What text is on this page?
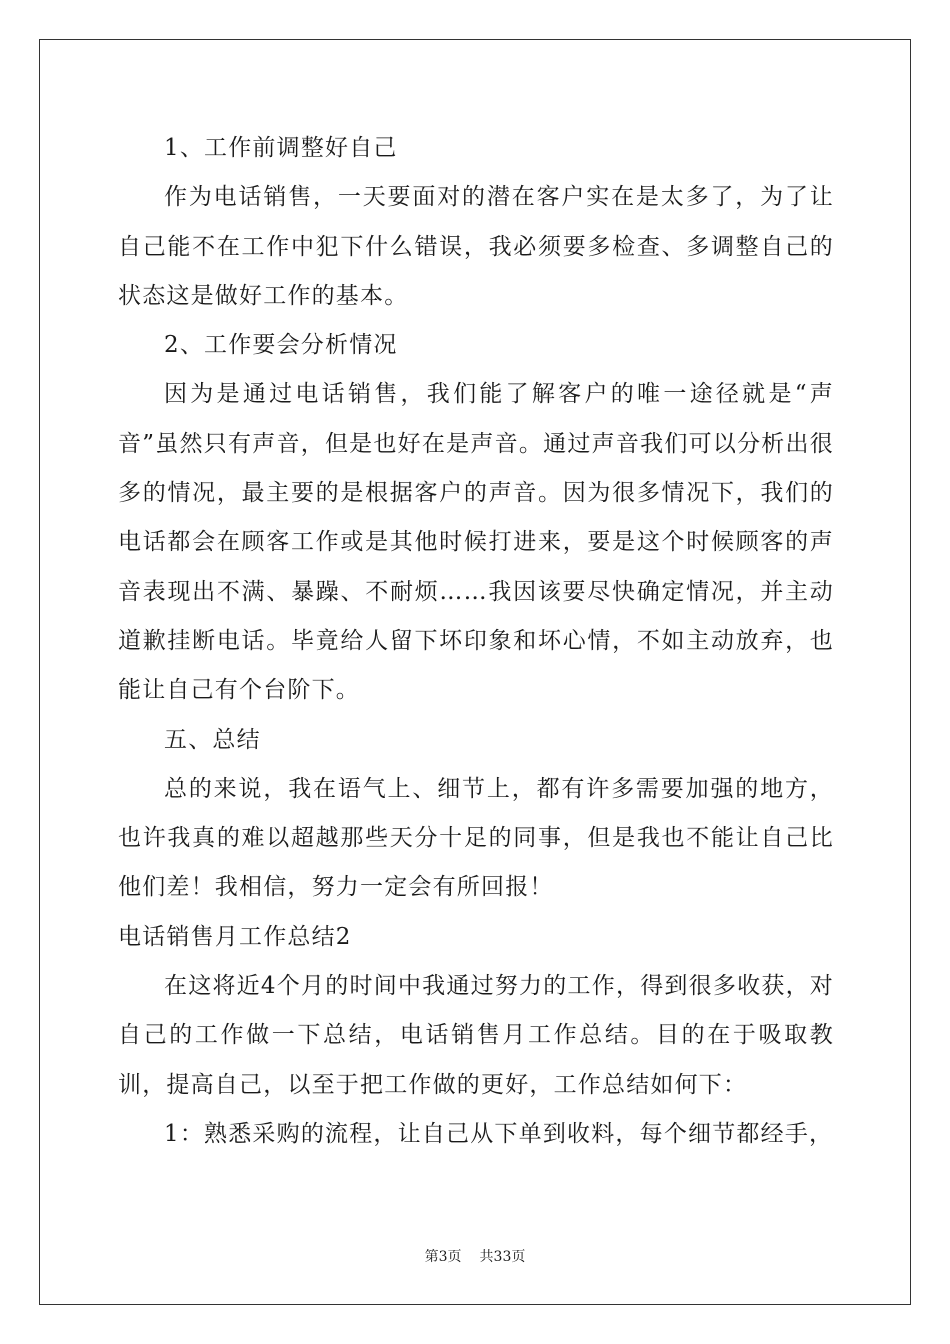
1、工作前调整好自己

作为电话销售，一天要面对的潜在客户实在是太多了，为了让自己能不在工作中犯下什么错误，我必须要多检查、多调整自己的状态这是做好工作的基本。

2、工作要会分析情况

因为是通过电话销售，我们能了解客户的唯一途径就是“声音”虽然只有声音，但是也好在是声音。通过声音我们可以分析出很多的情况，最主要的是根据客户的声音。因为很多情况下，我们的电话都会在顾客工作或是其他时候打进来，要是这个时候顾客的声音表现出不满、暴躁、不耐烦……我因该要尽快确定情况，并主动道歉挂断电话。毕竟给人留下坏印象和坏心情，不如主动放弃，也能让自己有个台阶下。

五、总结

总的来说，我在语气上、细节上，都有许多需要加强的地方，也许我真的难以超越那些天分十足的同事，但是我也不能让自己比他们差！我相信，努力一定会有所回报！

电话销售月工作总结2

在这将近4个月的时间中我通过努力的工作，得到很多收获，对自己的工作做一下总结，电话销售月工作总结。目的在于吸取教训，提高自己，以至于把工作做的更好，工作总结如何下：

1：熟悉采购的流程，让自己从下单到收料，每个细节都经手，

第3页 共33页
